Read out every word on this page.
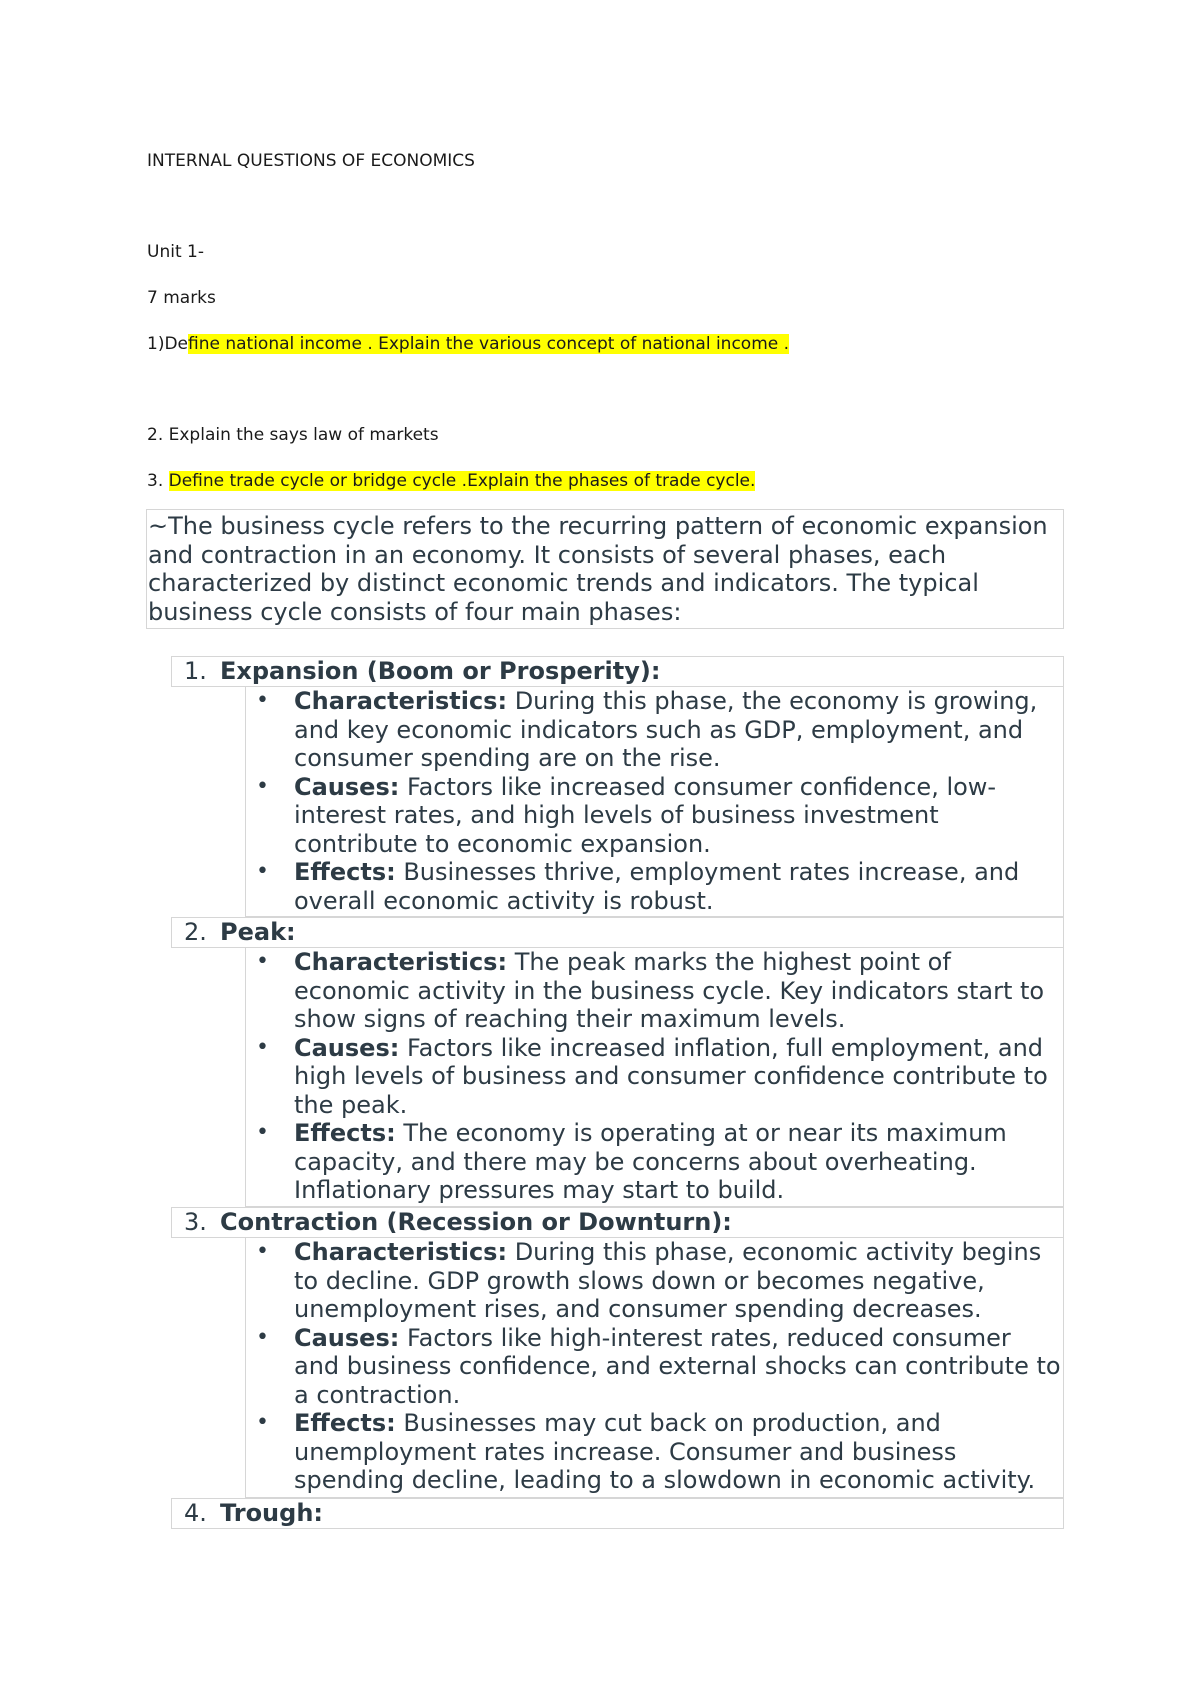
INTERNAL QUESTIONS OF ECONOMICS
Unit 1-
7 marks
1)Define national income . Explain the various concept of national income .
2. Explain the says law of markets
3. Define trade cycle or bridge cycle .Explain the phases of trade cycle.

~The business cycle refers to the recurring pattern of economic expansion and contraction in an economy. It consists of several phases, each characterized by distinct economic trends and indicators. The typical business cycle consists of four main phases:

1. Expansion (Boom or Prosperity):
• Characteristics: During this phase, the economy is growing, and key economic indicators such as GDP, employment, and consumer spending are on the rise.
• Causes: Factors like increased consumer confidence, low-interest rates, and high levels of business investment contribute to economic expansion.
• Effects: Businesses thrive, employment rates increase, and overall economic activity is robust.
2. Peak:
• Characteristics: The peak marks the highest point of economic activity in the business cycle. Key indicators start to show signs of reaching their maximum levels.
• Causes: Factors like increased inflation, full employment, and high levels of business and consumer confidence contribute to the peak.
• Effects: The economy is operating at or near its maximum capacity, and there may be concerns about overheating. Inflationary pressures may start to build.
3. Contraction (Recession or Downturn):
• Characteristics: During this phase, economic activity begins to decline. GDP growth slows down or becomes negative, unemployment rises, and consumer spending decreases.
• Causes: Factors like high-interest rates, reduced consumer and business confidence, and external shocks can contribute to a contraction.
• Effects: Businesses may cut back on production, and unemployment rates increase. Consumer and business spending decline, leading to a slowdown in economic activity.
4. Trough:
